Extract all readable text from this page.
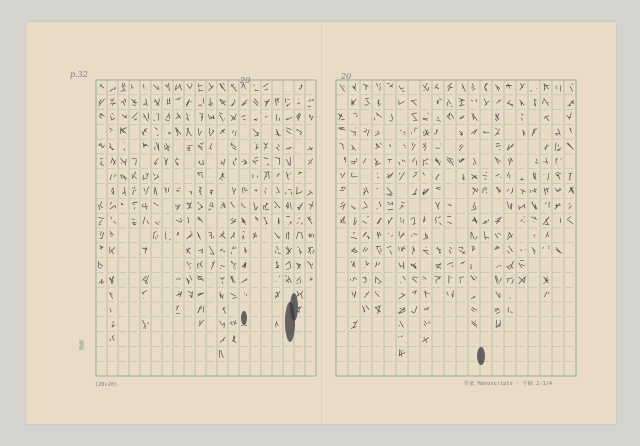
p.32
20	20
(20×20)
稿紙
作家 Manuscripts · 手稿 2-1/4
